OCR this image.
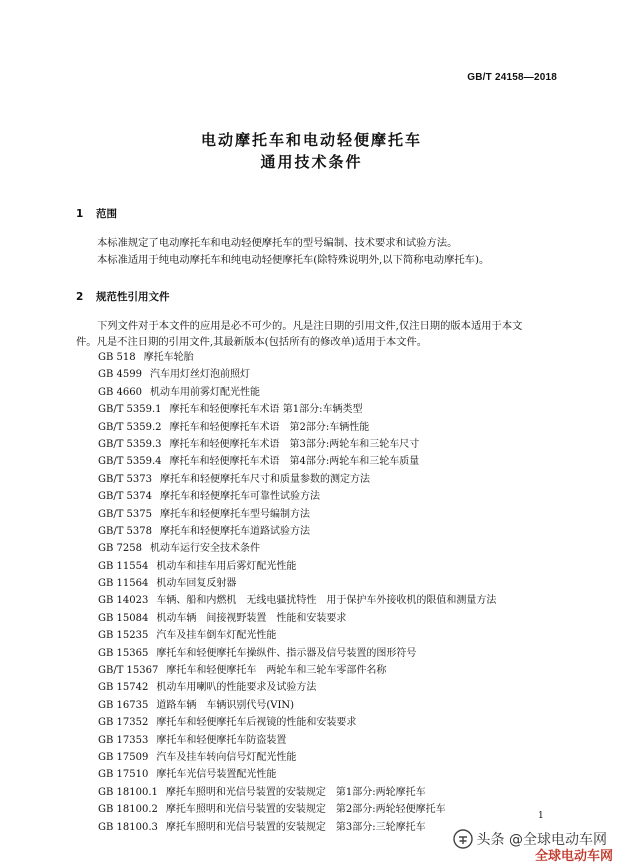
GB/T 24158—2018
电动摩托车和电动轻便摩托车
通用技术条件
1 范围
本标准规定了电动摩托车和电动轻便摩托车的型号编制、技术要求和试验方法。
本标准适用于纯电动摩托车和纯电动轻便摩托车(除特殊说明外,以下简称电动摩托车)。
2 规范性引用文件
下列文件对于本文件的应用是必不可少的。凡是注日期的引用文件,仅注日期的版本适用于本文
件。凡是不注日期的引用文件,其最新版本(包括所有的修改单)适用于本文件。
GB 518 摩托车轮胎
GB 4599 汽车用灯丝灯泡前照灯
GB 4660 机动车用前雾灯配光性能
GB/T 5359.1 摩托车和轻便摩托车术语 第1部分:车辆类型
GB/T 5359.2 摩托车和轻便摩托车术语　第2部分:车辆性能
GB/T 5359.3 摩托车和轻便摩托车术语　第3部分:两轮车和三轮车尺寸
GB/T 5359.4 摩托车和轻便摩托车术语　第4部分:两轮车和三轮车质量
GB/T 5373 摩托车和轻便摩托车尺寸和质量参数的测定方法
GB/T 5374 摩托车和轻便摩托车可靠性试验方法
GB/T 5375 摩托车和轻便摩托车型号编制方法
GB/T 5378 摩托车和轻便摩托车道路试验方法
GB 7258 机动车运行安全技术条件
GB 11554 机动车和挂车用后雾灯配光性能
GB 11564 机动车回复反射器
GB 14023 车辆、船和内燃机　无线电骚扰特性　用于保护车外接收机的限值和测量方法
GB 15084 机动车辆　间接视野装置　性能和安装要求
GB 15235 汽车及挂车倒车灯配光性能
GB 15365 摩托车和轻便摩托车操纵件、指示器及信号装置的图形符号
GB/T 15367 摩托车和轻便摩托车　两轮车和三轮车零部件名称
GB 15742 机动车用喇叭的性能要求及试验方法
GB 16735 道路车辆　车辆识别代号(VIN)
GB 17352 摩托车和轻便摩托车后视镜的性能和安装要求
GB 17353 摩托车和轻便摩托车防盗装置
GB 17509 汽车及挂车转向信号灯配光性能
GB 17510 摩托车光信号装置配光性能
GB 18100.1 摩托车照明和光信号装置的安装规定　第1部分:两轮摩托车
GB 18100.2 摩托车照明和光信号装置的安装规定　第2部分:两轮轻便摩托车
GB 18100.3 摩托车照明和光信号装置的安装规定　第3部分:三轮摩托车
1
头条 @全球电动车网
全球电动车网
